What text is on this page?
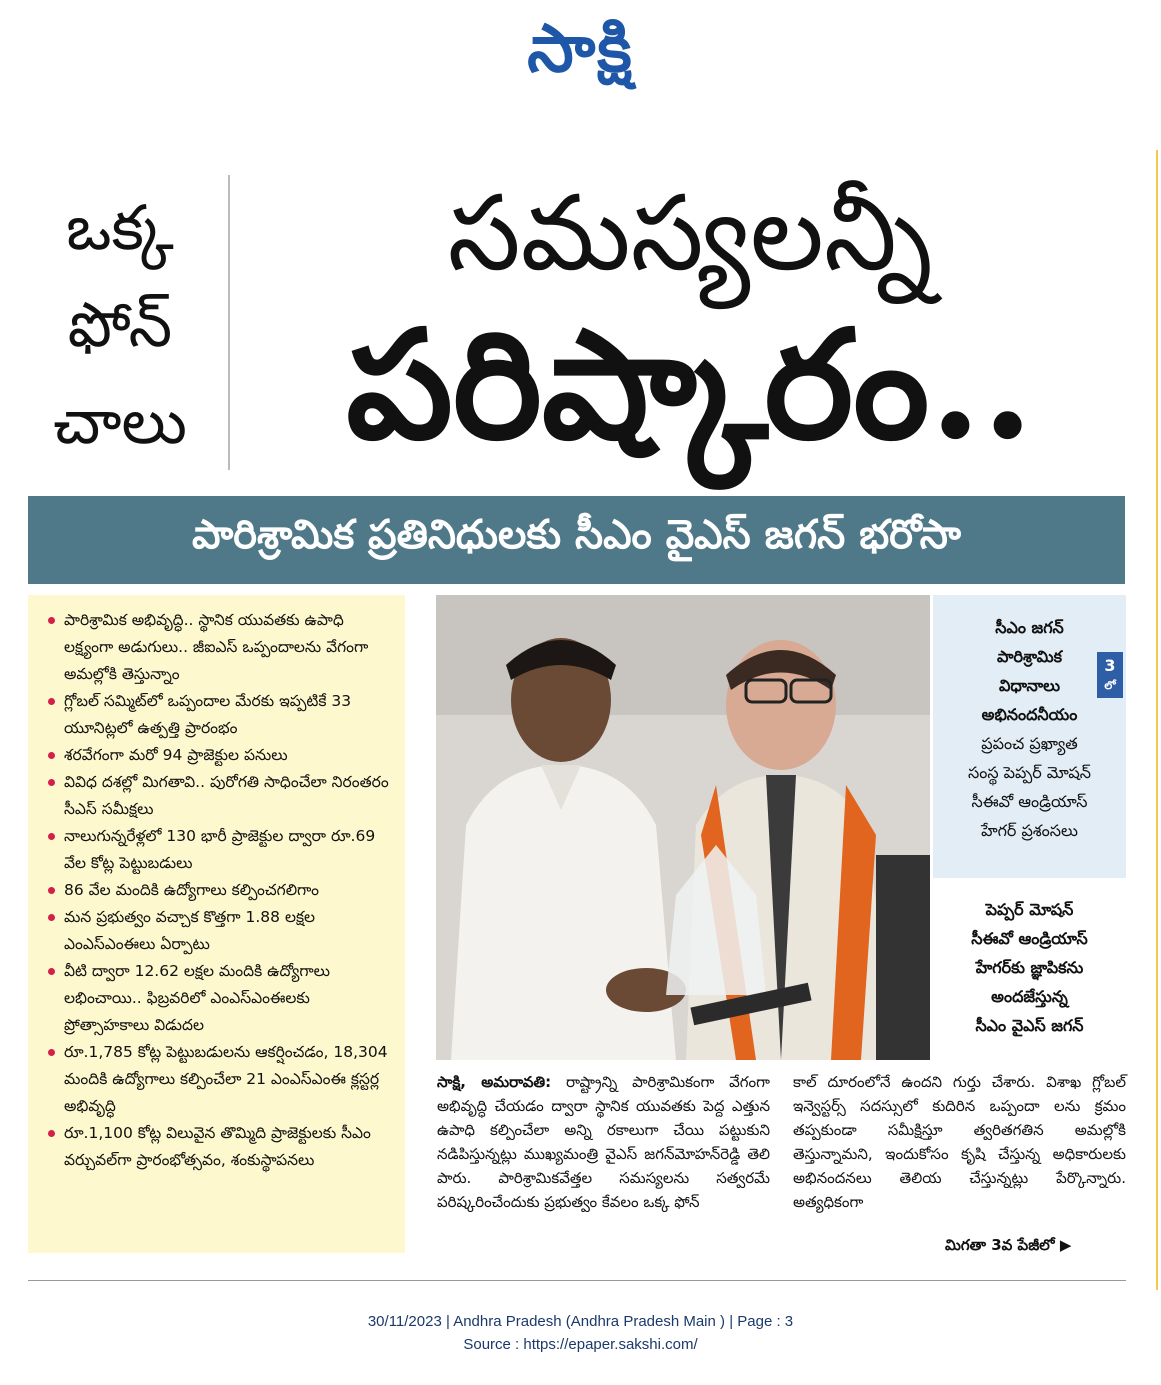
సాక్షి
ఒక్క
ఫోన్
చాలు
సమస్యలన్నీ
పరిష్కారం..
పారిశ్రామిక ప్రతినిధులకు సీఎం వైఎస్ జగన్ భరోసా
పారిశ్రామిక అభివృద్ధి.. స్థానిక యువతకు ఉపాధి లక్ష్యంగా అడుగులు.. జీఐఎస్ ఒప్పందాలను వేగంగా అమల్లోకి తెస్తున్నాం
గ్లోబల్ సమ్మిట్‌లో ఒప్పందాల మేరకు ఇప్పటికే 33 యూనిట్లలో ఉత్పత్తి ప్రారంభం
శరవేగంగా మరో 94 ప్రాజెక్టుల పనులు
వివిధ దశల్లో మిగతావి.. పురోగతి సాధించేలా నిరంతరం సీఎస్ సమీక్షలు
నాలుగున్నరేళ్లలో 130 భారీ ప్రాజెక్టుల ద్వారా రూ.69 వేల కోట్ల పెట్టుబడులు
86 వేల మందికి ఉద్యోగాలు కల్పించగలిగాం
మన ప్రభుత్వం వచ్చాక కొత్తగా 1.88 లక్షల ఎంఎస్ఎంఈలు ఏర్పాటు
వీటి ద్వారా 12.62 లక్షల మందికి ఉద్యోగాలు లభించాయి.. ఫిబ్రవరిలో ఎంఎస్ఎంఈలకు ప్రోత్సాహకాలు విడుదల
రూ.1,785 కోట్ల పెట్టుబడులను ఆకర్షించడం, 18,304 మందికి ఉద్యోగాలు కల్పించేలా 21 ఎంఎస్ఎంఈ క్లస్టర్ల అభివృద్ధి
రూ.1,100 కోట్ల విలువైన తొమ్మిది ప్రాజెక్టులకు సీఎం వర్చువల్‌గా ప్రారంభోత్సవం, శంకుస్థాపనలు
సీఎం జగన్
పారిశ్రామిక
విధానాలు
అభినందనీయం
ప్రపంచ ప్రఖ్యాత
సంస్థ పెప్పర్ మోషన్
సీఈవో ఆండ్రియాస్
హేగర్ ప్రశంసలు
3
లో
పెప్పర్ మోషన్
సీఈవో ఆండ్రియాస్
హేగర్‌కు జ్ఞాపికను
అందజేస్తున్న
సీఎం వైఎస్ జగన్
సాక్షి, అమరావతి: రాష్ట్రాన్ని పారిశ్రామికంగా వేగంగా అభివృద్ధి చేయడం ద్వారా స్థానిక యువతకు పెద్ద ఎత్తున ఉపాధి కల్పించేలా అన్ని రకాలుగా చేయి పట్టుకుని నడిపిస్తున్నట్లు ముఖ్యమంత్రి వైఎస్ జగన్‌మోహన్‌రెడ్డి తెలి పారు. పారిశ్రామికవేత్తల సమస్యలను సత్వరమే పరిష్కరించేందుకు ప్రభుత్వం కేవలం ఒక్క ఫోన్
కాల్ దూరంలోనే ఉందని గుర్తు చేశారు. విశాఖ గ్లోబల్ ఇన్వెస్టర్స్ సదస్సులో కుదిరిన ఒప్పందా లను క్రమం తప్పకుండా సమీక్షిస్తూ త్వరితగతిన అమల్లోకి తెస్తున్నామని, ఇందుకోసం కృషి చేస్తున్న అధికారులకు అభినందనలు తెలియ చేస్తున్నట్లు పేర్కొన్నారు. అత్యధికంగా
మిగతా 3వ పేజీలో ▶
30/11/2023 | Andhra Pradesh (Andhra Pradesh Main ) | Page : 3
Source : https://epaper.sakshi.com/
